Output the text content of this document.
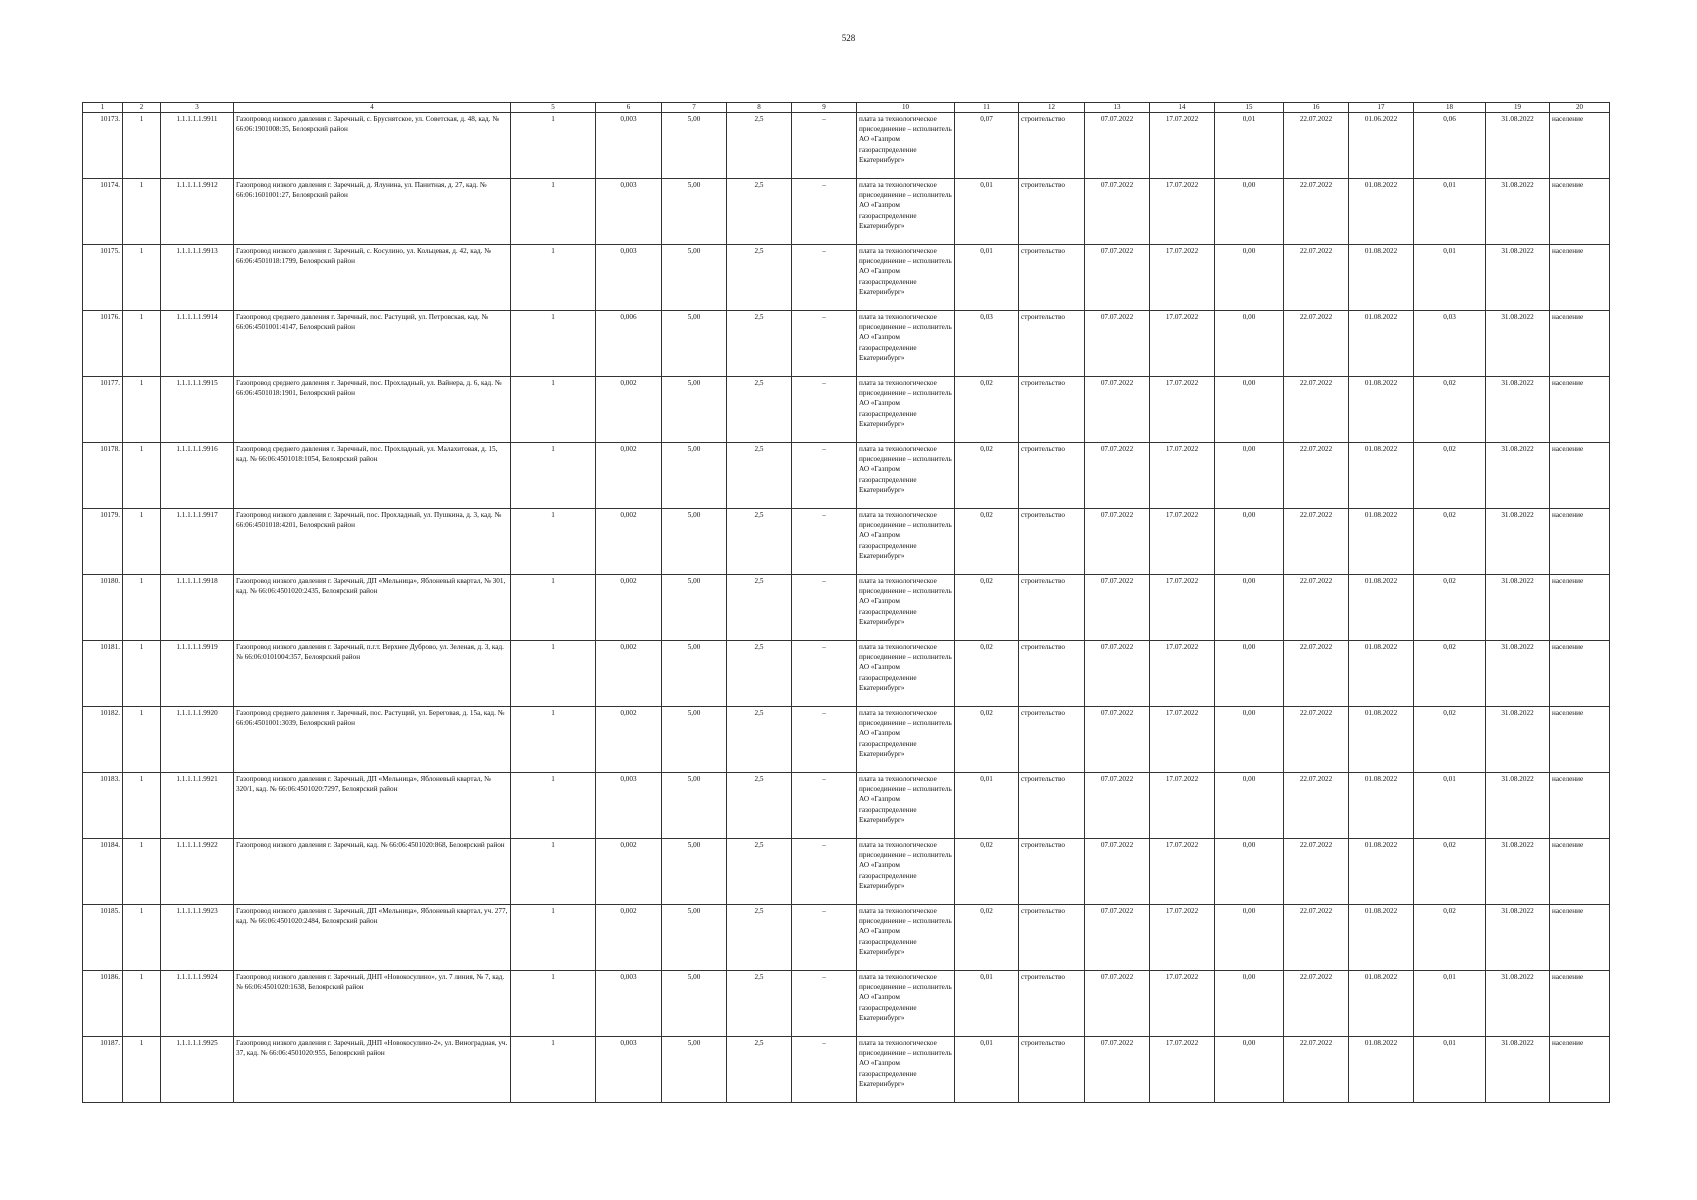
528
1	2	3	4	5	6	7	8	9	10	11	12	13	14	15	16	17	18	19	20
10173.	1	1.1.1.1.1.9911	Газопровод низкого давления г. Заречный, с. Бруснятское, ул. Советская, д. 48, кад. № 66:06:1901008:35, Белоярский район	1	0,003	5,00	2,5	–	плата за технологическое присоединение – исполнитель АО «Газпром газораспределение Екатеринбург»	0,07	строительство	07.07.2022	17.07.2022	0,01	22.07.2022	01.06.2022	0,06	31.08.2022	население
10174.	1	1.1.1.1.1.9912	Газопровод низкого давления г. Заречный, д. Ялунина, ул. Панитная, д. 27, кад. № 66:06:1601001:27, Белоярский район	1	0,003	5,00	2,5	–	плата за технологическое присоединение – исполнитель АО «Газпром газораспределение Екатеринбург»	0,01	строительство	07.07.2022	17.07.2022	0,00	22.07.2022	01.08.2022	0,01	31.08.2022	население
10175.	1	1.1.1.1.1.9913	Газопровод низкого давления г. Заречный, с. Косулино, ул. Кольцевая, д. 42, кад. № 66:06:4501018:1799, Белоярский район	1	0,003	5,00	2,5	–	плата за технологическое присоединение – исполнитель АО «Газпром газораспределение Екатеринбург»	0,01	строительство	07.07.2022	17.07.2022	0,00	22.07.2022	01.08.2022	0,01	31.08.2022	население
10176.	1	1.1.1.1.1.9914	Газопровод среднего давления г. Заречный, пос. Растущий, ул. Петровская, кад. № 66:06:4501001:4147, Белоярский район	1	0,006	5,00	2,5	–	плата за технологическое присоединение – исполнитель АО «Газпром газораспределение Екатеринбург»	0,03	строительство	07.07.2022	17.07.2022	0,00	22.07.2022	01.08.2022	0,03	31.08.2022	население
10177.	1	1.1.1.1.1.9915	Газопровод среднего давления г. Заречный, пос. Прохладный, ул. Вайнера, д. 6, кад. № 66:06:4501018:1901, Белоярский район	1	0,002	5,00	2,5	–	плата за технологическое присоединение – исполнитель АО «Газпром газораспределение Екатеринбург»	0,02	строительство	07.07.2022	17.07.2022	0,00	22.07.2022	01.08.2022	0,02	31.08.2022	население
10178.	1	1.1.1.1.1.9916	Газопровод среднего давления г. Заречный, пос. Прохладный, ул. Малахитовая, д. 15, кад. № 66:06:4501018:1054, Белоярский район	1	0,002	5,00	2,5	–	плата за технологическое присоединение – исполнитель АО «Газпром газораспределение Екатеринбург»	0,02	строительство	07.07.2022	17.07.2022	0,00	22.07.2022	01.08.2022	0,02	31.08.2022	население
10179.	1	1.1.1.1.1.9917	Газопровод низкого давления г. Заречный, пос. Прохладный, ул. Пушкина, д. 3, кад. № 66:06:4501018:4201, Белоярский район	1	0,002	5,00	2,5	–	плата за технологическое присоединение – исполнитель АО «Газпром газораспределение Екатеринбург»	0,02	строительство	07.07.2022	17.07.2022	0,00	22.07.2022	01.08.2022	0,02	31.08.2022	население
10180.	1	1.1.1.1.1.9918	Газопровод низкого давления г. Заречный, ДП «Мельница», Яблоневый квартал, № 301, кад. № 66:06:4501020:2435, Белоярский район	1	0,002	5,00	2,5	–	плата за технологическое присоединение – исполнитель АО «Газпром газораспределение Екатеринбург»	0,02	строительство	07.07.2022	17.07.2022	0,00	22.07.2022	01.08.2022	0,02	31.08.2022	население
10181.	1	1.1.1.1.1.9919	Газопровод низкого давления г. Заречный, п.г.т. Верхнее Дуброво, ул. Зеленая, д. 3, кад. № 66:06:0101004:357, Белоярский район	1	0,002	5,00	2,5	–	плата за технологическое присоединение – исполнитель АО «Газпром газораспределение Екатеринбург»	0,02	строительство	07.07.2022	17.07.2022	0,00	22.07.2022	01.08.2022	0,02	31.08.2022	население
10182.	1	1.1.1.1.1.9920	Газопровод среднего давления г. Заречный, пос. Растущий, ул. Береговая, д. 15а, кад. № 66:06:4501001:3039, Белоярский район	1	0,002	5,00	2,5	–	плата за технологическое присоединение – исполнитель АО «Газпром газораспределение Екатеринбург»	0,02	строительство	07.07.2022	17.07.2022	0,00	22.07.2022	01.08.2022	0,02	31.08.2022	население
10183.	1	1.1.1.1.1.9921	Газопровод низкого давления г. Заречный, ДП «Мельница», Яблоневый квартал, № 320/1, кад. № 66:06:4501020:7297, Белоярский район	1	0,003	5,00	2,5	–	плата за технологическое присоединение – исполнитель АО «Газпром газораспределение Екатеринбург»	0,01	строительство	07.07.2022	17.07.2022	0,00	22.07.2022	01.08.2022	0,01	31.08.2022	население
10184.	1	1.1.1.1.1.9922	Газопровод низкого давления г. Заречный, кад. № 66:06:4501020:868, Белоярский район	1	0,002	5,00	2,5	–	плата за технологическое присоединение – исполнитель АО «Газпром газораспределение Екатеринбург»	0,02	строительство	07.07.2022	17.07.2022	0,00	22.07.2022	01.08.2022	0,02	31.08.2022	население
10185.	1	1.1.1.1.1.9923	Газопровод низкого давления г. Заречный, ДП «Мельница», Яблоневый квартал, уч. 277, кад. № 66:06:4501020:2484, Белоярский район	1	0,002	5,00	2,5	–	плата за технологическое присоединение – исполнитель АО «Газпром газораспределение Екатеринбург»	0,02	строительство	07.07.2022	17.07.2022	0,00	22.07.2022	01.08.2022	0,02	31.08.2022	население
10186.	1	1.1.1.1.1.9924	Газопровод низкого давления г. Заречный, ДНП «Новокосулино», ул. 7 линия, № 7, кад. № 66:06:4501020:1638, Белоярский район	1	0,003	5,00	2,5	–	плата за технологическое присоединение – исполнитель АО «Газпром газораспределение Екатеринбург»	0,01	строительство	07.07.2022	17.07.2022	0,00	22.07.2022	01.08.2022	0,01	31.08.2022	население
10187.	1	1.1.1.1.1.9925	Газопровод низкого давления г. Заречный, ДНП «Новокосулино-2», ул. Виноградная, уч. 37, кад. № 66:06:4501020:955, Белоярский район	1	0,003	5,00	2,5	–	плата за технологическое присоединение – исполнитель АО «Газпром газораспределение Екатеринбург»	0,01	строительство	07.07.2022	17.07.2022	0,00	22.07.2022	01.08.2022	0,01	31.08.2022	население
